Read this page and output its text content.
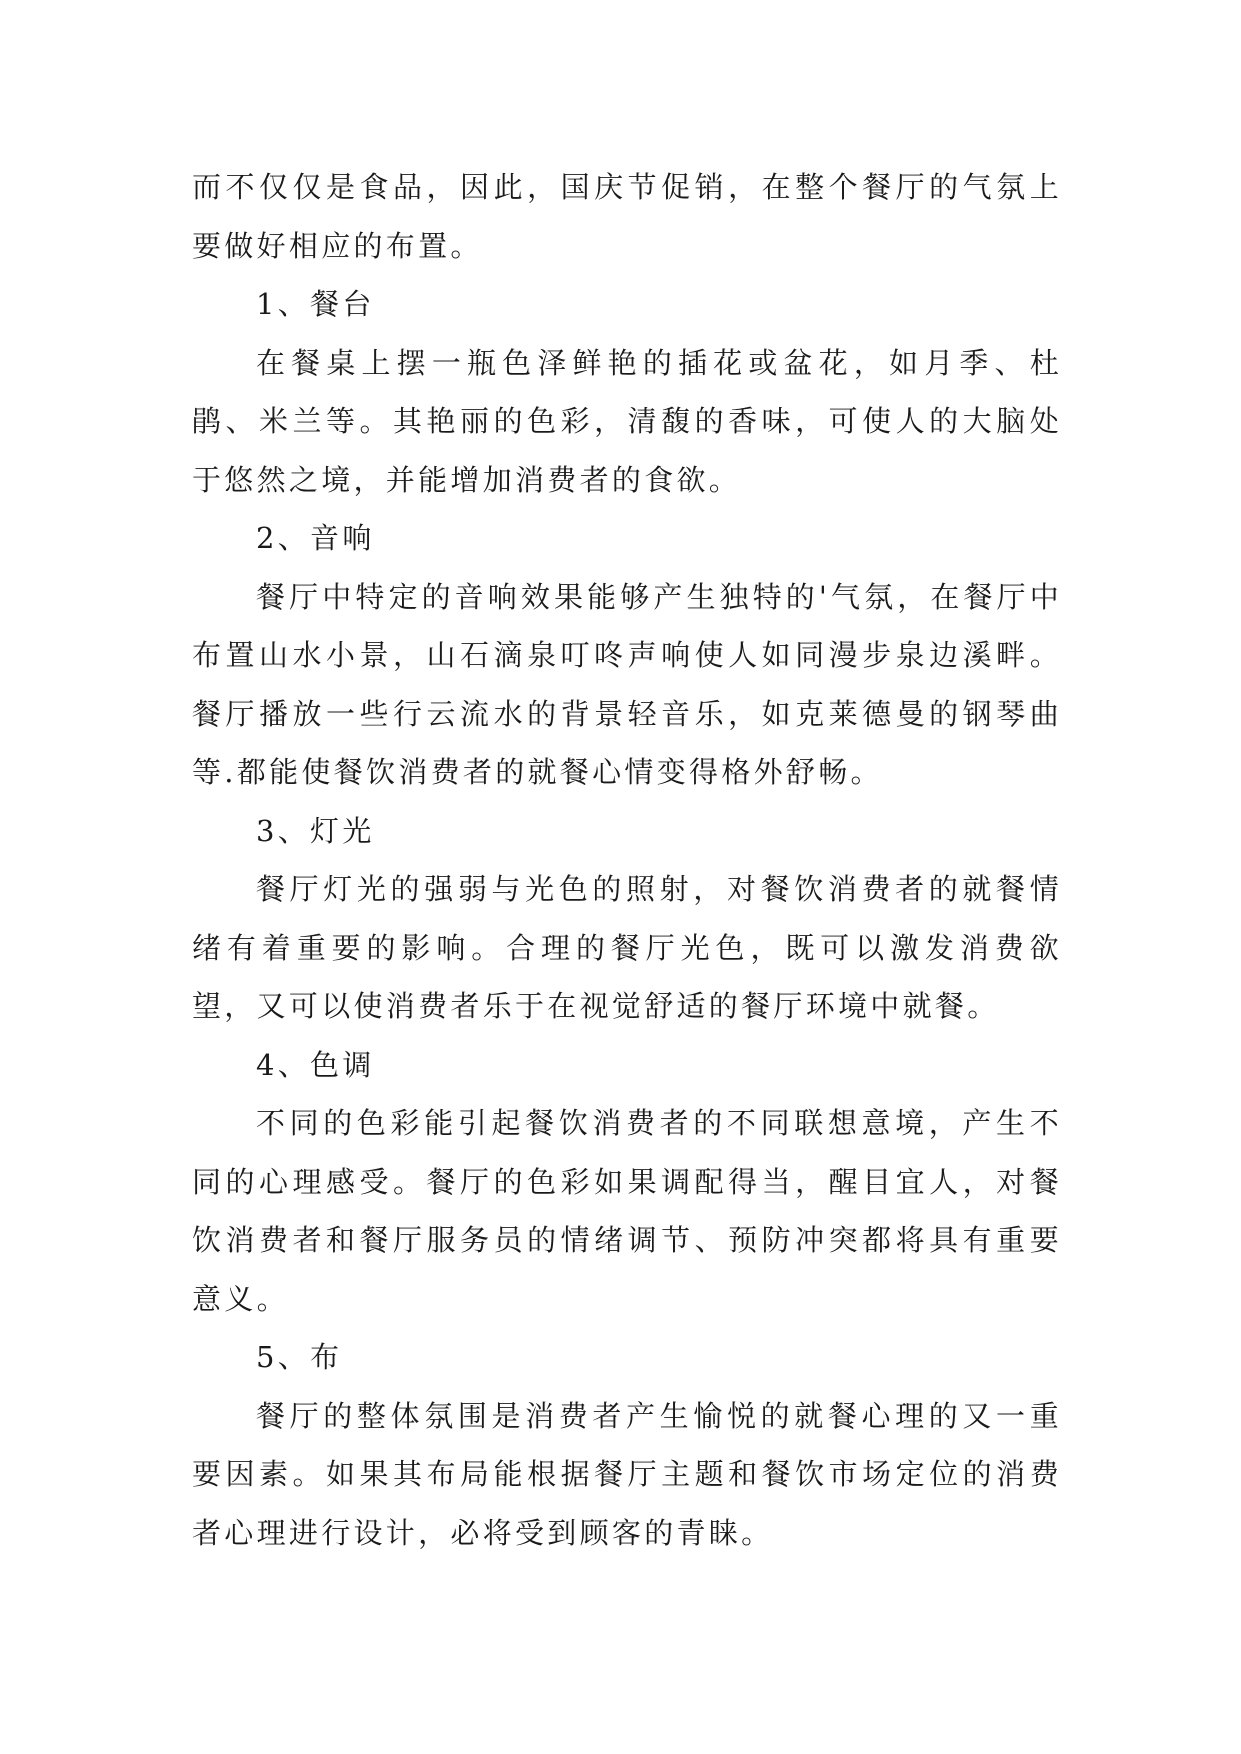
而不仅仅是食品，因此，国庆节促销，在整个餐厅的气氛上要做好相应的布置。

1、餐台

在餐桌上摆一瓶色泽鲜艳的插花或盆花，如月季、杜鹃、米兰等。其艳丽的色彩，清馥的香味，可使人的大脑处于悠然之境，并能增加消费者的食欲。

2、音响

餐厅中特定的音响效果能够产生独特的'气氛，在餐厅中布置山水小景，山石滴泉叮咚声响使人如同漫步泉边溪畔。餐厅播放一些行云流水的背景轻音乐，如克莱德曼的钢琴曲等.都能使餐饮消费者的就餐心情变得格外舒畅。

3、灯光

餐厅灯光的强弱与光色的照射，对餐饮消费者的就餐情绪有着重要的影响。合理的餐厅光色，既可以激发消费欲望，又可以使消费者乐于在视觉舒适的餐厅环境中就餐。

4、色调

不同的色彩能引起餐饮消费者的不同联想意境，产生不同的心理感受。餐厅的色彩如果调配得当，醒目宜人，对餐饮消费者和餐厅服务员的情绪调节、预防冲突都将具有重要意义。

5、布

餐厅的整体氛围是消费者产生愉悦的就餐心理的又一重要因素。如果其布局能根据餐厅主题和餐饮市场定位的消费者心理进行设计，必将受到顾客的青睐。
